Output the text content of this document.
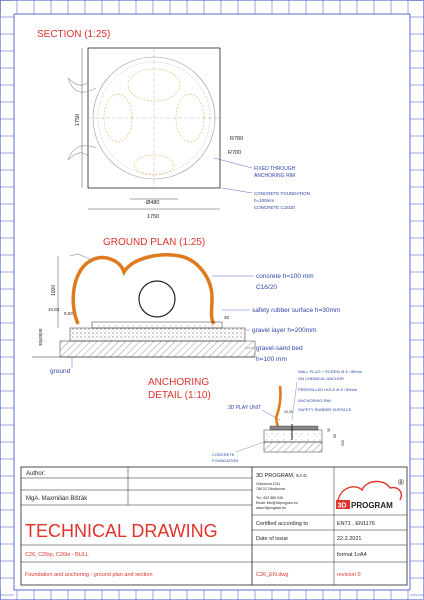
SECTION (1:25)
1750
1750
Ø480
R780
R700
FIXED THROUGH
ANCHORING RIM
CONCRETE FOUNDATION
h=100mm
CONCRETE C16/20
GROUND PLAN (1:25)
1000
10,83
0,03
30|40|00
30
concrete h=100 mm
C16/20
safety rubber surface h=30mm
gravel layer h=200mm
gravel-sand bed
h=100 mm
ground
ANCHORING
DETAIL (1:10)
3D PLAY UNIT
10,00
30
85
200
WALL PLUG + SCREW Ø 8 / 80mm
ON CHEMICAL ANCHOR
PREDRILLED HOLE Ø 8 / 60mm
ANCHORING RIM
SAFETY RUBBER SURFACE
CONCRETE
FOUNDATION
Author:
MgA. Maxmilián Blšťák
3D PROGRAM, s.r.o.
Chlumová 1011
768 02 Zlínokovice
Tel.: 602 580 045
Email: info@3dprogram.eu
www.3dprogram.eu
®
3D PROGRAM
TECHNICAL DRAWING	Certified according to	EN71 , EN1176
Date of issue	22.2.2021
format 1xA4
C26, C26tp, C26ts - BULL
Foundation and anchoring - ground plan and section	C26_EN.dwg	revision 0
